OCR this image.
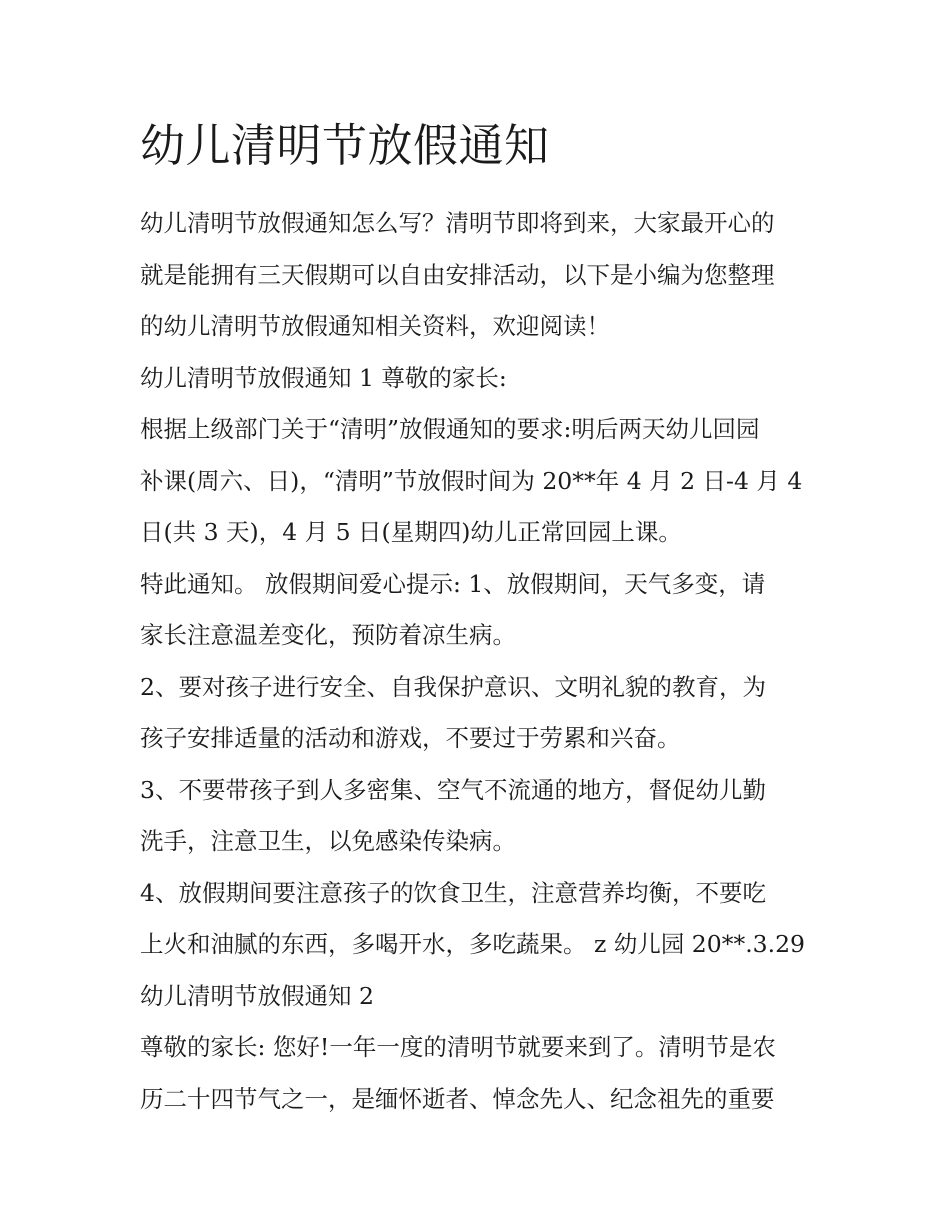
幼儿清明节放假通知
幼儿清明节放假通知怎么写？清明节即将到来，大家最开心的
就是能拥有三天假期可以自由安排活动，以下是小编为您整理
的幼儿清明节放假通知相关资料，欢迎阅读！
幼儿清明节放假通知 1 尊敬的家长:
根据上级部门关于“清明”放假通知的要求:明后两天幼儿回园
补课(周六、日)，“清明”节放假时间为 20**年 4 月 2 日-4 月 4
日(共 3 天)，4 月 5 日(星期四)幼儿正常回园上课。
特此通知。 放假期间爱心提示: 1、放假期间，天气多变，请
家长注意温差变化，预防着凉生病。
2、要对孩子进行安全、自我保护意识、文明礼貌的教育，为
孩子安排适量的活动和游戏，不要过于劳累和兴奋。
3、不要带孩子到人多密集、空气不流通的地方，督促幼儿勤
洗手，注意卫生，以免感染传染病。
4、放假期间要注意孩子的饮食卫生，注意营养均衡，不要吃
上火和油腻的东西，多喝开水，多吃蔬果。 z 幼儿园 20**.3.29
幼儿清明节放假通知 2
尊敬的家长: 您好!一年一度的清明节就要来到了。清明节是农
历二十四节气之一，是缅怀逝者、悼念先人、纪念祖先的重要
